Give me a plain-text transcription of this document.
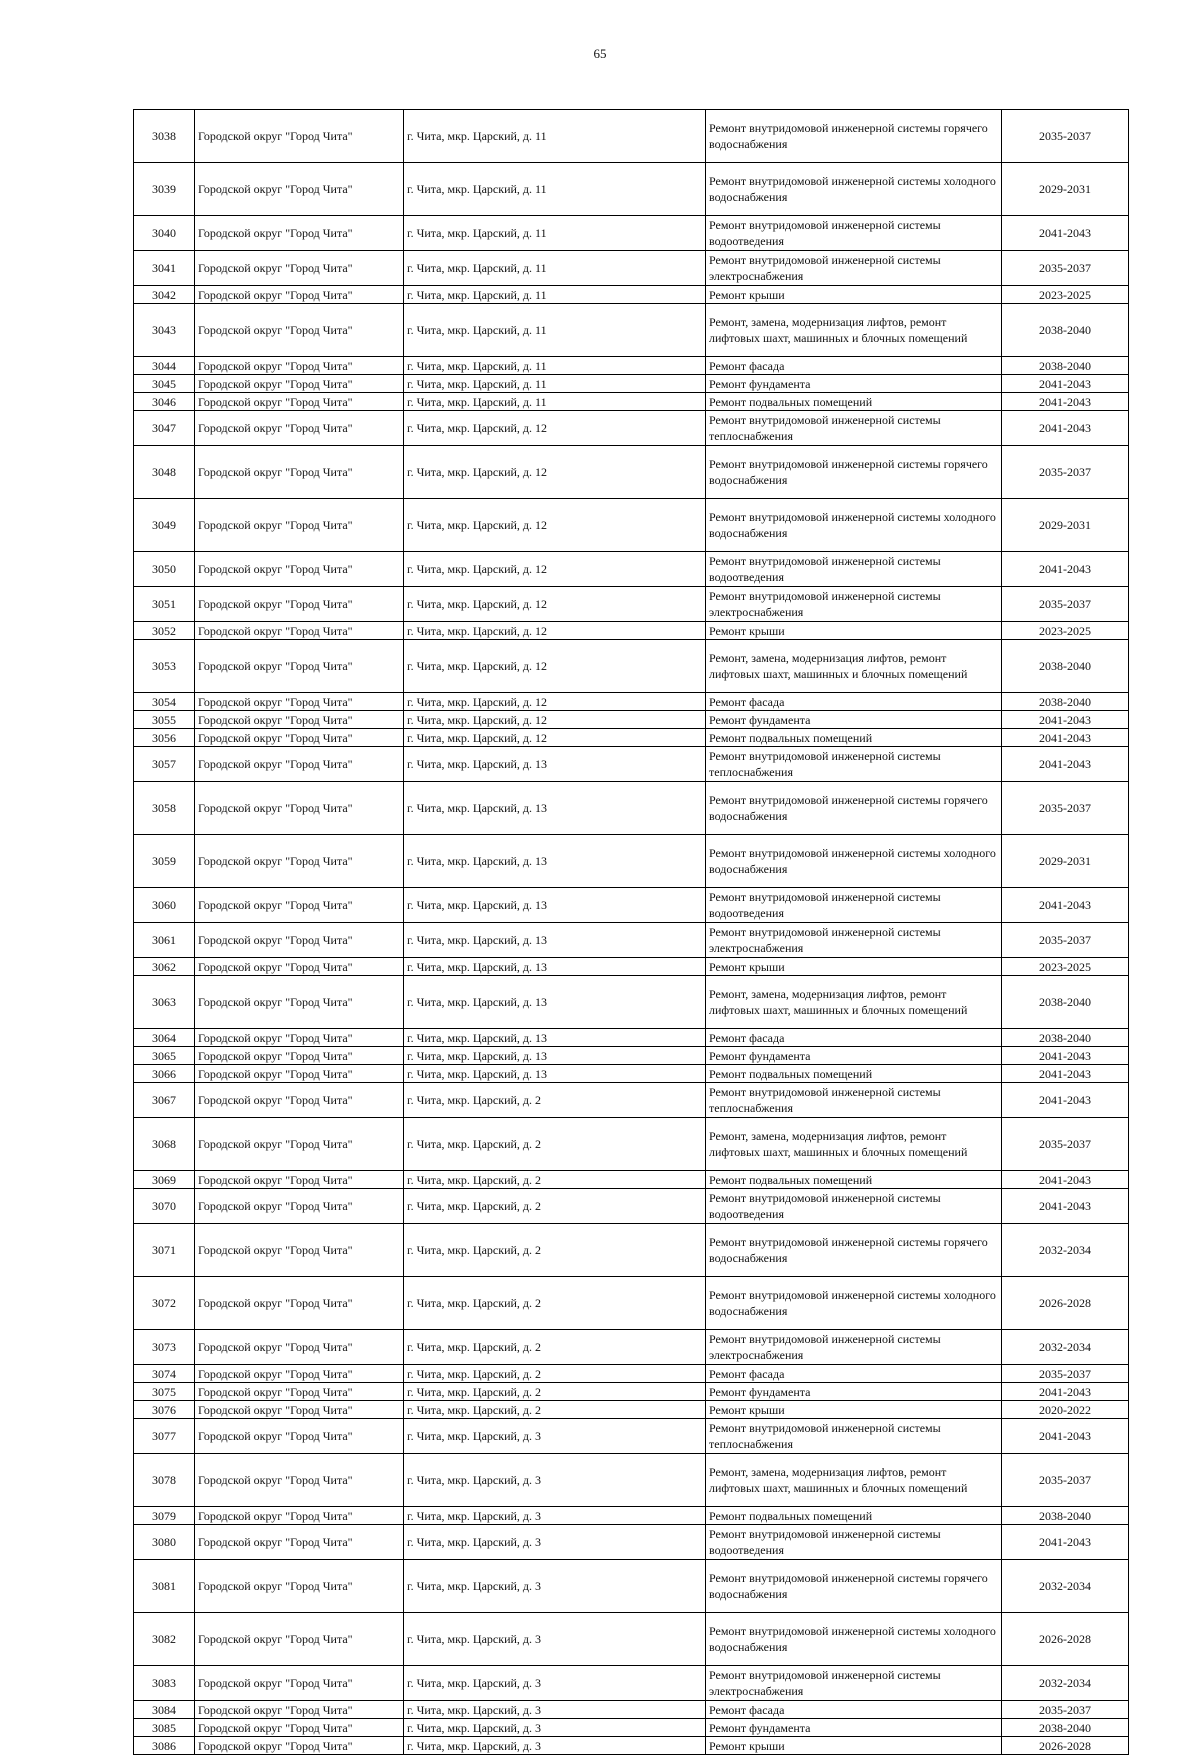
65
3038	Городской округ "Город Чита"	г. Чита, мкр. Царский, д. 11	Ремонт внутридомовой инженерной системы горячего водоснабжения	2035-2037
3039	Городской округ "Город Чита"	г. Чита, мкр. Царский, д. 11	Ремонт внутридомовой инженерной системы холодного водоснабжения	2029-2031
3040	Городской округ "Город Чита"	г. Чита, мкр. Царский, д. 11	Ремонт внутридомовой инженерной системы водоотведения	2041-2043
3041	Городской округ "Город Чита"	г. Чита, мкр. Царский, д. 11	Ремонт внутридомовой инженерной системы электроснабжения	2035-2037
3042	Городской округ "Город Чита"	г. Чита, мкр. Царский, д. 11	Ремонт крыши	2023-2025
3043	Городской округ "Город Чита"	г. Чита, мкр. Царский, д. 11	Ремонт, замена, модернизация лифтов, ремонт лифтовых шахт, машинных и блочных помещений	2038-2040
3044	Городской округ "Город Чита"	г. Чита, мкр. Царский, д. 11	Ремонт фасада	2038-2040
3045	Городской округ "Город Чита"	г. Чита, мкр. Царский, д. 11	Ремонт фундамента	2041-2043
3046	Городской округ "Город Чита"	г. Чита, мкр. Царский, д. 11	Ремонт подвальных помещений	2041-2043
3047	Городской округ "Город Чита"	г. Чита, мкр. Царский, д. 12	Ремонт внутридомовой инженерной системы теплоснабжения	2041-2043
3048	Городской округ "Город Чита"	г. Чита, мкр. Царский, д. 12	Ремонт внутридомовой инженерной системы горячего водоснабжения	2035-2037
3049	Городской округ "Город Чита"	г. Чита, мкр. Царский, д. 12	Ремонт внутридомовой инженерной системы холодного водоснабжения	2029-2031
3050	Городской округ "Город Чита"	г. Чита, мкр. Царский, д. 12	Ремонт внутридомовой инженерной системы водоотведения	2041-2043
3051	Городской округ "Город Чита"	г. Чита, мкр. Царский, д. 12	Ремонт внутридомовой инженерной системы электроснабжения	2035-2037
3052	Городской округ "Город Чита"	г. Чита, мкр. Царский, д. 12	Ремонт крыши	2023-2025
3053	Городской округ "Город Чита"	г. Чита, мкр. Царский, д. 12	Ремонт, замена, модернизация лифтов, ремонт лифтовых шахт, машинных и блочных помещений	2038-2040
3054	Городской округ "Город Чита"	г. Чита, мкр. Царский, д. 12	Ремонт фасада	2038-2040
3055	Городской округ "Город Чита"	г. Чита, мкр. Царский, д. 12	Ремонт фундамента	2041-2043
3056	Городской округ "Город Чита"	г. Чита, мкр. Царский, д. 12	Ремонт подвальных помещений	2041-2043
3057	Городской округ "Город Чита"	г. Чита, мкр. Царский, д. 13	Ремонт внутридомовой инженерной системы теплоснабжения	2041-2043
3058	Городской округ "Город Чита"	г. Чита, мкр. Царский, д. 13	Ремонт внутридомовой инженерной системы горячего водоснабжения	2035-2037
3059	Городской округ "Город Чита"	г. Чита, мкр. Царский, д. 13	Ремонт внутридомовой инженерной системы холодного водоснабжения	2029-2031
3060	Городской округ "Город Чита"	г. Чита, мкр. Царский, д. 13	Ремонт внутридомовой инженерной системы водоотведения	2041-2043
3061	Городской округ "Город Чита"	г. Чита, мкр. Царский, д. 13	Ремонт внутридомовой инженерной системы электроснабжения	2035-2037
3062	Городской округ "Город Чита"	г. Чита, мкр. Царский, д. 13	Ремонт крыши	2023-2025
3063	Городской округ "Город Чита"	г. Чита, мкр. Царский, д. 13	Ремонт, замена, модернизация лифтов, ремонт лифтовых шахт, машинных и блочных помещений	2038-2040
3064	Городской округ "Город Чита"	г. Чита, мкр. Царский, д. 13	Ремонт фасада	2038-2040
3065	Городской округ "Город Чита"	г. Чита, мкр. Царский, д. 13	Ремонт фундамента	2041-2043
3066	Городской округ "Город Чита"	г. Чита, мкр. Царский, д. 13	Ремонт подвальных помещений	2041-2043
3067	Городской округ "Город Чита"	г. Чита, мкр. Царский, д. 2	Ремонт внутридомовой инженерной системы теплоснабжения	2041-2043
3068	Городской округ "Город Чита"	г. Чита, мкр. Царский, д. 2	Ремонт, замена, модернизация лифтов, ремонт лифтовых шахт, машинных и блочных помещений	2035-2037
3069	Городской округ "Город Чита"	г. Чита, мкр. Царский, д. 2	Ремонт подвальных помещений	2041-2043
3070	Городской округ "Город Чита"	г. Чита, мкр. Царский, д. 2	Ремонт внутридомовой инженерной системы водоотведения	2041-2043
3071	Городской округ "Город Чита"	г. Чита, мкр. Царский, д. 2	Ремонт внутридомовой инженерной системы горячего водоснабжения	2032-2034
3072	Городской округ "Город Чита"	г. Чита, мкр. Царский, д. 2	Ремонт внутридомовой инженерной системы холодного водоснабжения	2026-2028
3073	Городской округ "Город Чита"	г. Чита, мкр. Царский, д. 2	Ремонт внутридомовой инженерной системы электроснабжения	2032-2034
3074	Городской округ "Город Чита"	г. Чита, мкр. Царский, д. 2	Ремонт фасада	2035-2037
3075	Городской округ "Город Чита"	г. Чита, мкр. Царский, д. 2	Ремонт фундамента	2041-2043
3076	Городской округ "Город Чита"	г. Чита, мкр. Царский, д. 2	Ремонт крыши	2020-2022
3077	Городской округ "Город Чита"	г. Чита, мкр. Царский, д. 3	Ремонт внутридомовой инженерной системы теплоснабжения	2041-2043
3078	Городской округ "Город Чита"	г. Чита, мкр. Царский, д. 3	Ремонт, замена, модернизация лифтов, ремонт лифтовых шахт, машинных и блочных помещений	2035-2037
3079	Городской округ "Город Чита"	г. Чита, мкр. Царский, д. 3	Ремонт подвальных помещений	2038-2040
3080	Городской округ "Город Чита"	г. Чита, мкр. Царский, д. 3	Ремонт внутридомовой инженерной системы водоотведения	2041-2043
3081	Городской округ "Город Чита"	г. Чита, мкр. Царский, д. 3	Ремонт внутридомовой инженерной системы горячего водоснабжения	2032-2034
3082	Городской округ "Город Чита"	г. Чита, мкр. Царский, д. 3	Ремонт внутридомовой инженерной системы холодного водоснабжения	2026-2028
3083	Городской округ "Город Чита"	г. Чита, мкр. Царский, д. 3	Ремонт внутридомовой инженерной системы электроснабжения	2032-2034
3084	Городской округ "Город Чита"	г. Чита, мкр. Царский, д. 3	Ремонт фасада	2035-2037
3085	Городской округ "Город Чита"	г. Чита, мкр. Царский, д. 3	Ремонт фундамента	2038-2040
3086	Городской округ "Город Чита"	г. Чита, мкр. Царский, д. 3	Ремонт крыши	2026-2028
